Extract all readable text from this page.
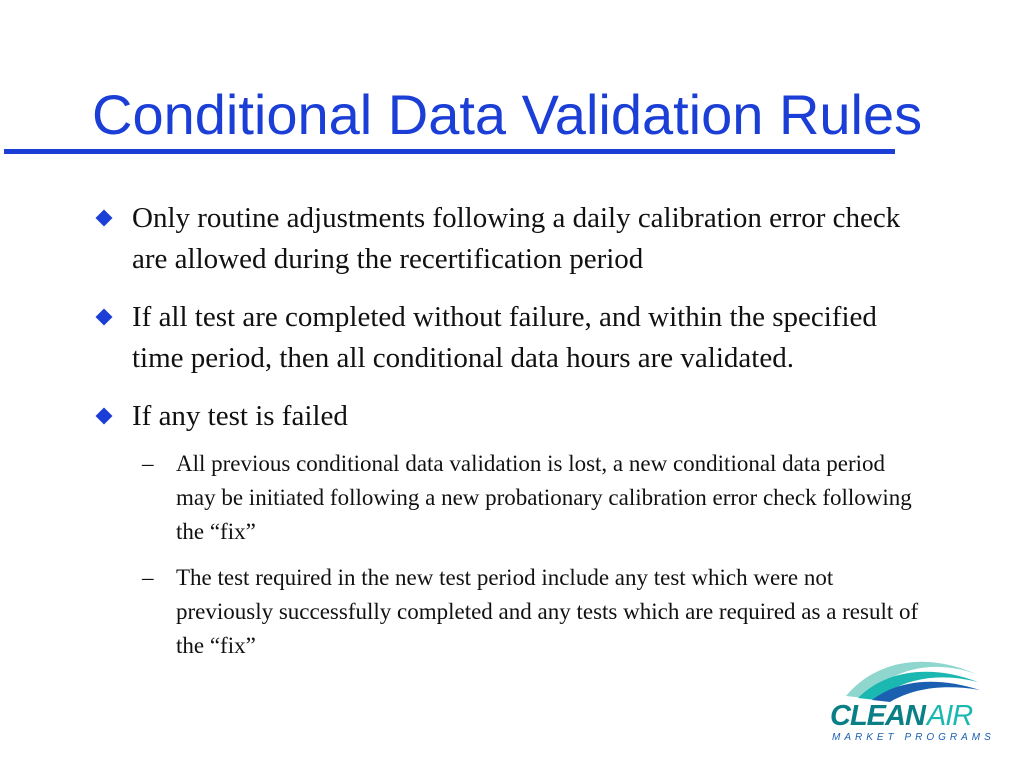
Conditional Data Validation Rules
Only routine adjustments following a daily calibration error check are allowed during the recertification period
If all test are completed without failure, and within the specified time period, then all conditional data hours are validated.
If any test is failed
– All previous conditional data validation is lost, a new conditional data period may be initiated following a new probationary calibration error check following the “fix”
– The test required in the new test period include any test which were not previously successfully completed and any tests which are required as a result of the “fix”
CLEANAIR
MARKET PROGRAMS
